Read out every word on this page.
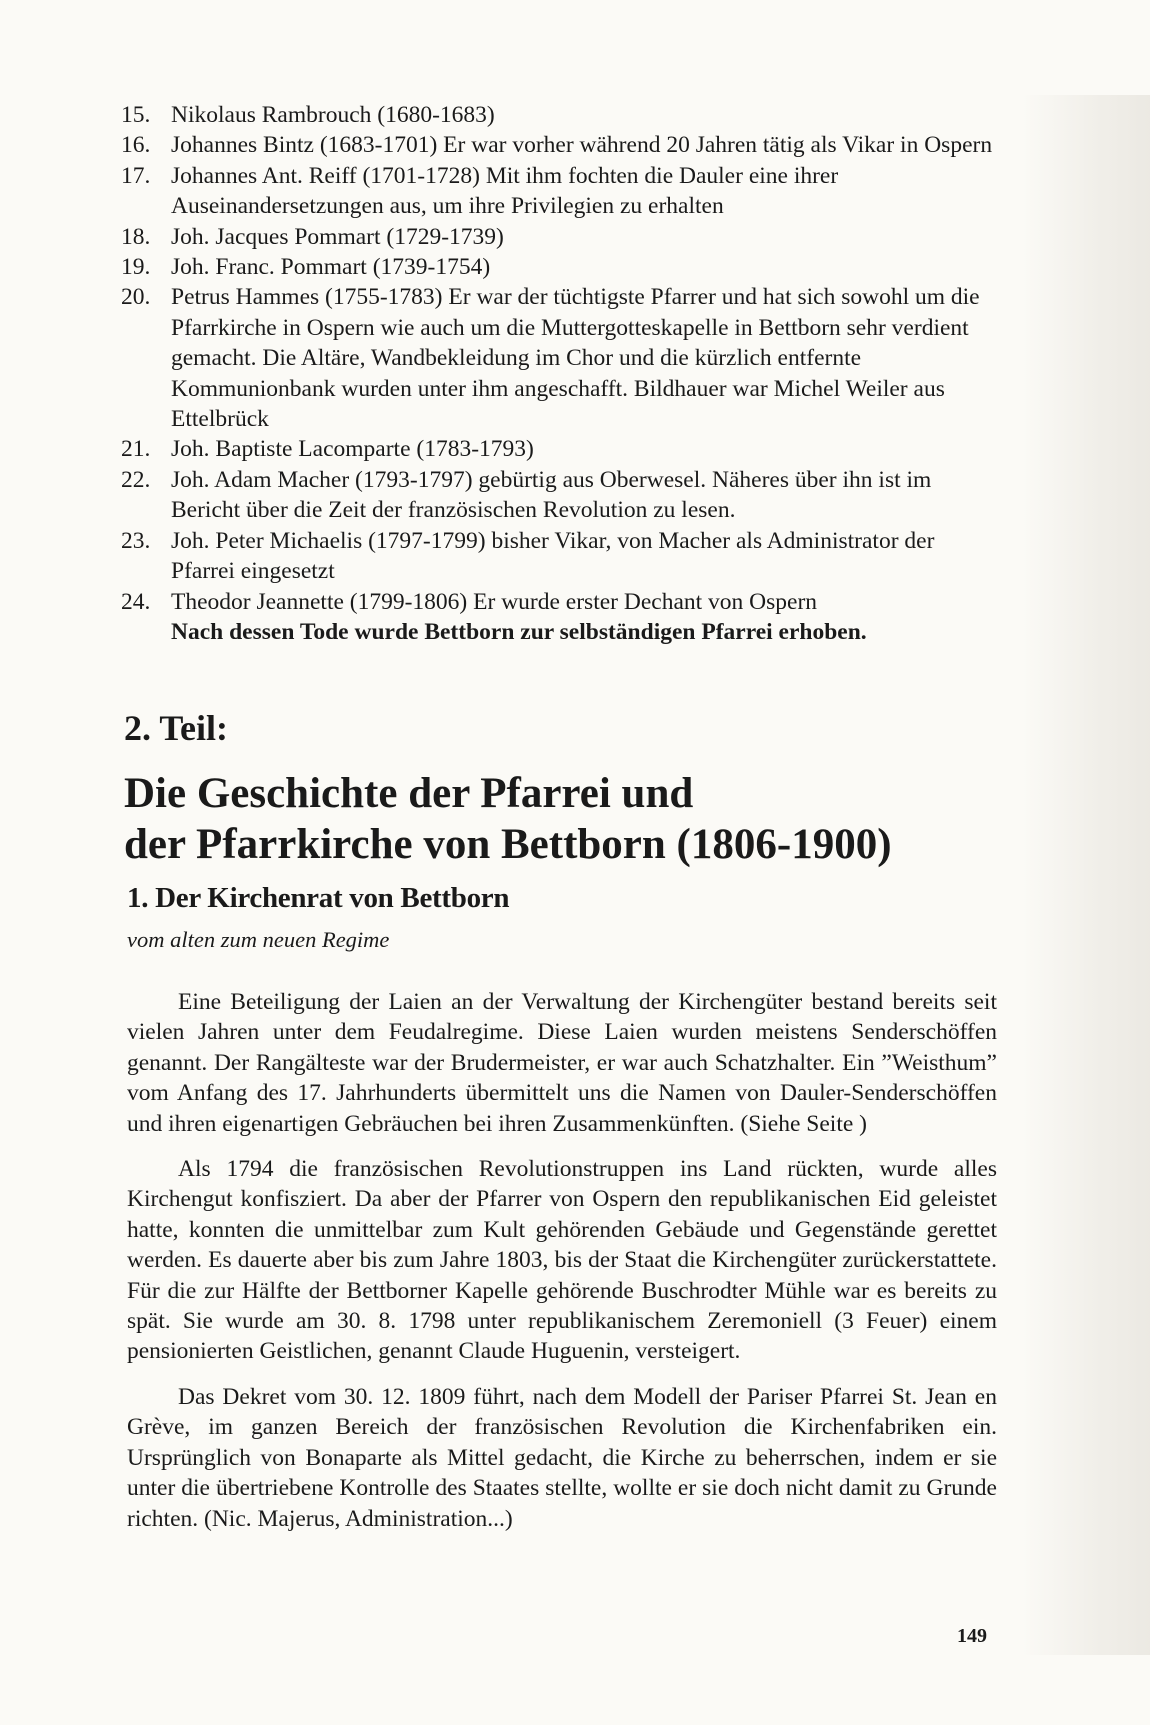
15. Nikolaus Rambrouch (1680-1683)
16. Johannes Bintz (1683-1701) Er war vorher während 20 Jahren tätig als Vikar in Ospern
17. Johannes Ant. Reiff (1701-1728) Mit ihm fochten die Dauler eine ihrer Auseinandersetzungen aus, um ihre Privilegien zu erhalten
18. Joh. Jacques Pommart (1729-1739)
19. Joh. Franc. Pommart (1739-1754)
20. Petrus Hammes (1755-1783) Er war der tüchtigste Pfarrer und hat sich sowohl um die Pfarrkirche in Ospern wie auch um die Muttergotteskapelle in Bettborn sehr verdient gemacht. Die Altäre, Wandbekleidung im Chor und die kürzlich entfernte Kommunionbank wurden unter ihm angeschafft. Bildhauer war Michel Weiler aus Ettelbrück
21. Joh. Baptiste Lacomparte (1783-1793)
22. Joh. Adam Macher (1793-1797) gebürtig aus Oberwesel. Näheres über ihn ist im Bericht über die Zeit der französischen Revolution zu lesen.
23. Joh. Peter Michaelis (1797-1799) bisher Vikar, von Macher als Administrator der Pfarrei eingesetzt
24. Theodor Jeannette (1799-1806) Er wurde erster Dechant von Ospern
Nach dessen Tode wurde Bettborn zur selbständigen Pfarrei erhoben.
2. Teil:
Die Geschichte der Pfarrei und
der Pfarrkirche von Bettborn (1806-1900)
1. Der Kirchenrat von Bettborn
vom alten zum neuen Regime

Eine Beteiligung der Laien an der Verwaltung der Kirchengüter bestand bereits seit vielen Jahren unter dem Feudalregime. Diese Laien wurden meistens Senderschöffen genannt. Der Rangälteste war der Brudermeister, er war auch Schatzhalter. Ein ”Weisthum” vom Anfang des 17. Jahrhunderts übermittelt uns die Namen von Dauler-Senderschöffen und ihren eigenartigen Gebräuchen bei ihren Zusammenkünften. (Siehe Seite )

Als 1794 die französischen Revolutionstruppen ins Land rückten, wurde alles Kirchengut konfisziert. Da aber der Pfarrer von Ospern den republikanischen Eid geleistet hatte, konnten die unmittelbar zum Kult gehörenden Gebäude und Gegenstände gerettet werden. Es dauerte aber bis zum Jahre 1803, bis der Staat die Kirchengüter zurückerstattete. Für die zur Hälfte der Bettborner Kapelle gehörende Buschrodter Mühle war es bereits zu spät. Sie wurde am 30. 8. 1798 unter republikanischem Zeremoniell (3 Feuer) einem pensionierten Geistlichen, genannt Claude Huguenin, versteigert.

Das Dekret vom 30. 12. 1809 führt, nach dem Modell der Pariser Pfarrei St. Jean en Grève, im ganzen Bereich der französischen Revolution die Kirchenfabriken ein. Ursprünglich von Bonaparte als Mittel gedacht, die Kirche zu beherrschen, indem er sie unter die übertriebene Kontrolle des Staates stellte, wollte er sie doch nicht damit zu Grunde richten. (Nic. Majerus, Administration...)

149
